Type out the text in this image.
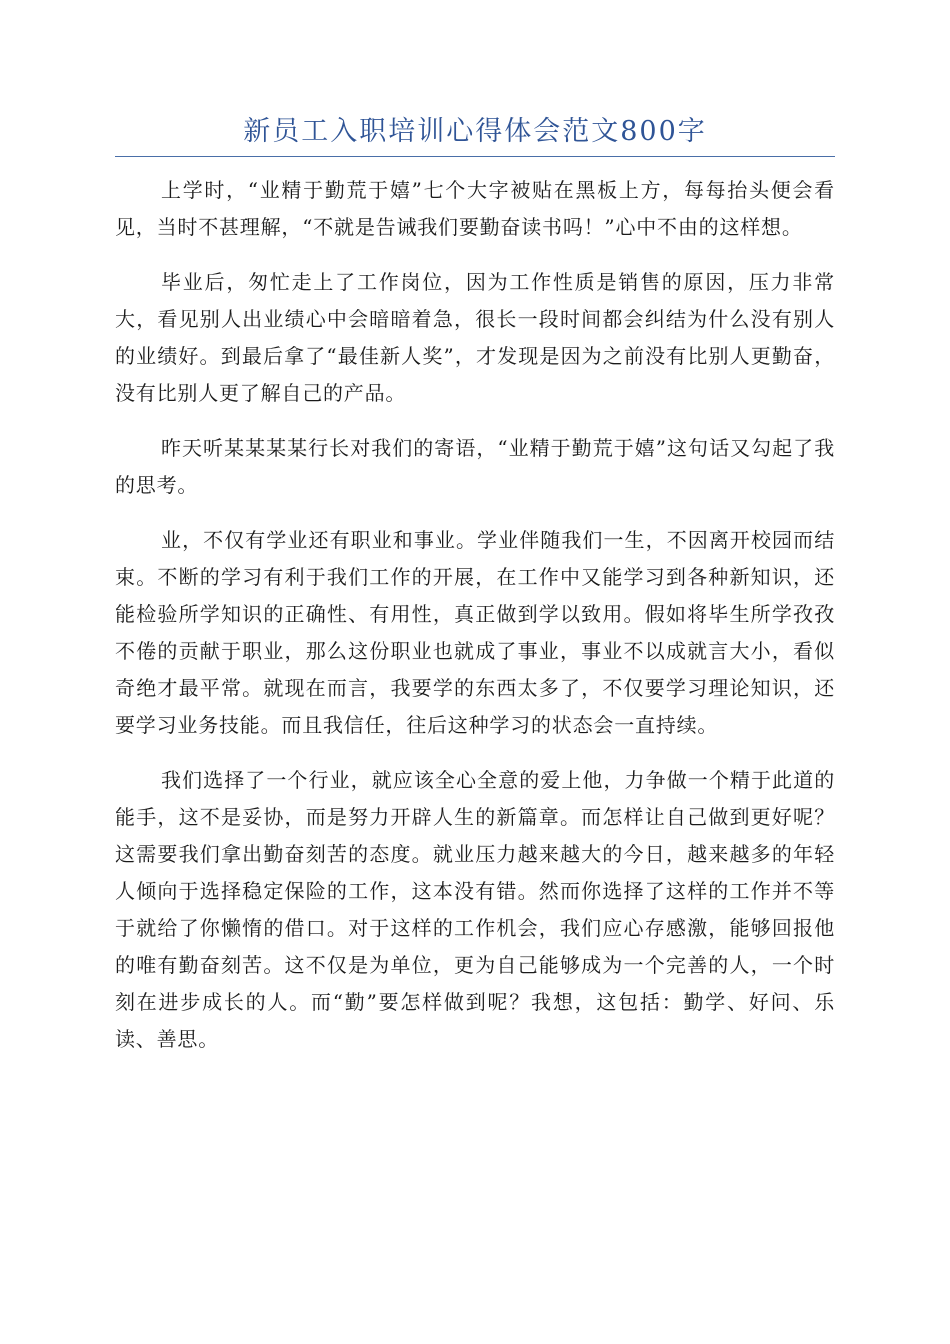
新员工入职培训心得体会范文800字

上学时，“业精于勤荒于嬉”七个大字被贴在黑板上方，每每抬头便会看见，当时不甚理解，“不就是告诫我们要勤奋读书吗！”心中不由的这样想。

毕业后，匆忙走上了工作岗位，因为工作性质是销售的原因，压力非常大，看见别人出业绩心中会暗暗着急，很长一段时间都会纠结为什么没有别人的业绩好。到最后拿了“最佳新人奖”，才发现是因为之前没有比别人更勤奋，没有比别人更了解自己的产品。

昨天听某某某某行长对我们的寄语，“业精于勤荒于嬉”这句话又勾起了我的思考。

业，不仅有学业还有职业和事业。学业伴随我们一生，不因离开校园而结束。不断的学习有利于我们工作的开展，在工作中又能学习到各种新知识，还能检验所学知识的正确性、有用性，真正做到学以致用。假如将毕生所学孜孜不倦的贡献于职业，那么这份职业也就成了事业，事业不以成就言大小，看似奇绝才最平常。就现在而言，我要学的东西太多了，不仅要学习理论知识，还要学习业务技能。而且我信任，往后这种学习的状态会一直持续。

我们选择了一个行业，就应该全心全意的爱上他，力争做一个精于此道的能手，这不是妥协，而是努力开辟人生的新篇章。而怎样让自己做到更好呢？这需要我们拿出勤奋刻苦的态度。就业压力越来越大的今日，越来越多的年轻人倾向于选择稳定保险的工作，这本没有错。然而你选择了这样的工作并不等于就给了你懒惰的借口。对于这样的工作机会，我们应心存感激，能够回报他的唯有勤奋刻苦。这不仅是为单位，更为自己能够成为一个完善的人，一个时刻在进步成长的人。而“勤”要怎样做到呢？我想，这包括：勤学、好问、乐读、善思。
